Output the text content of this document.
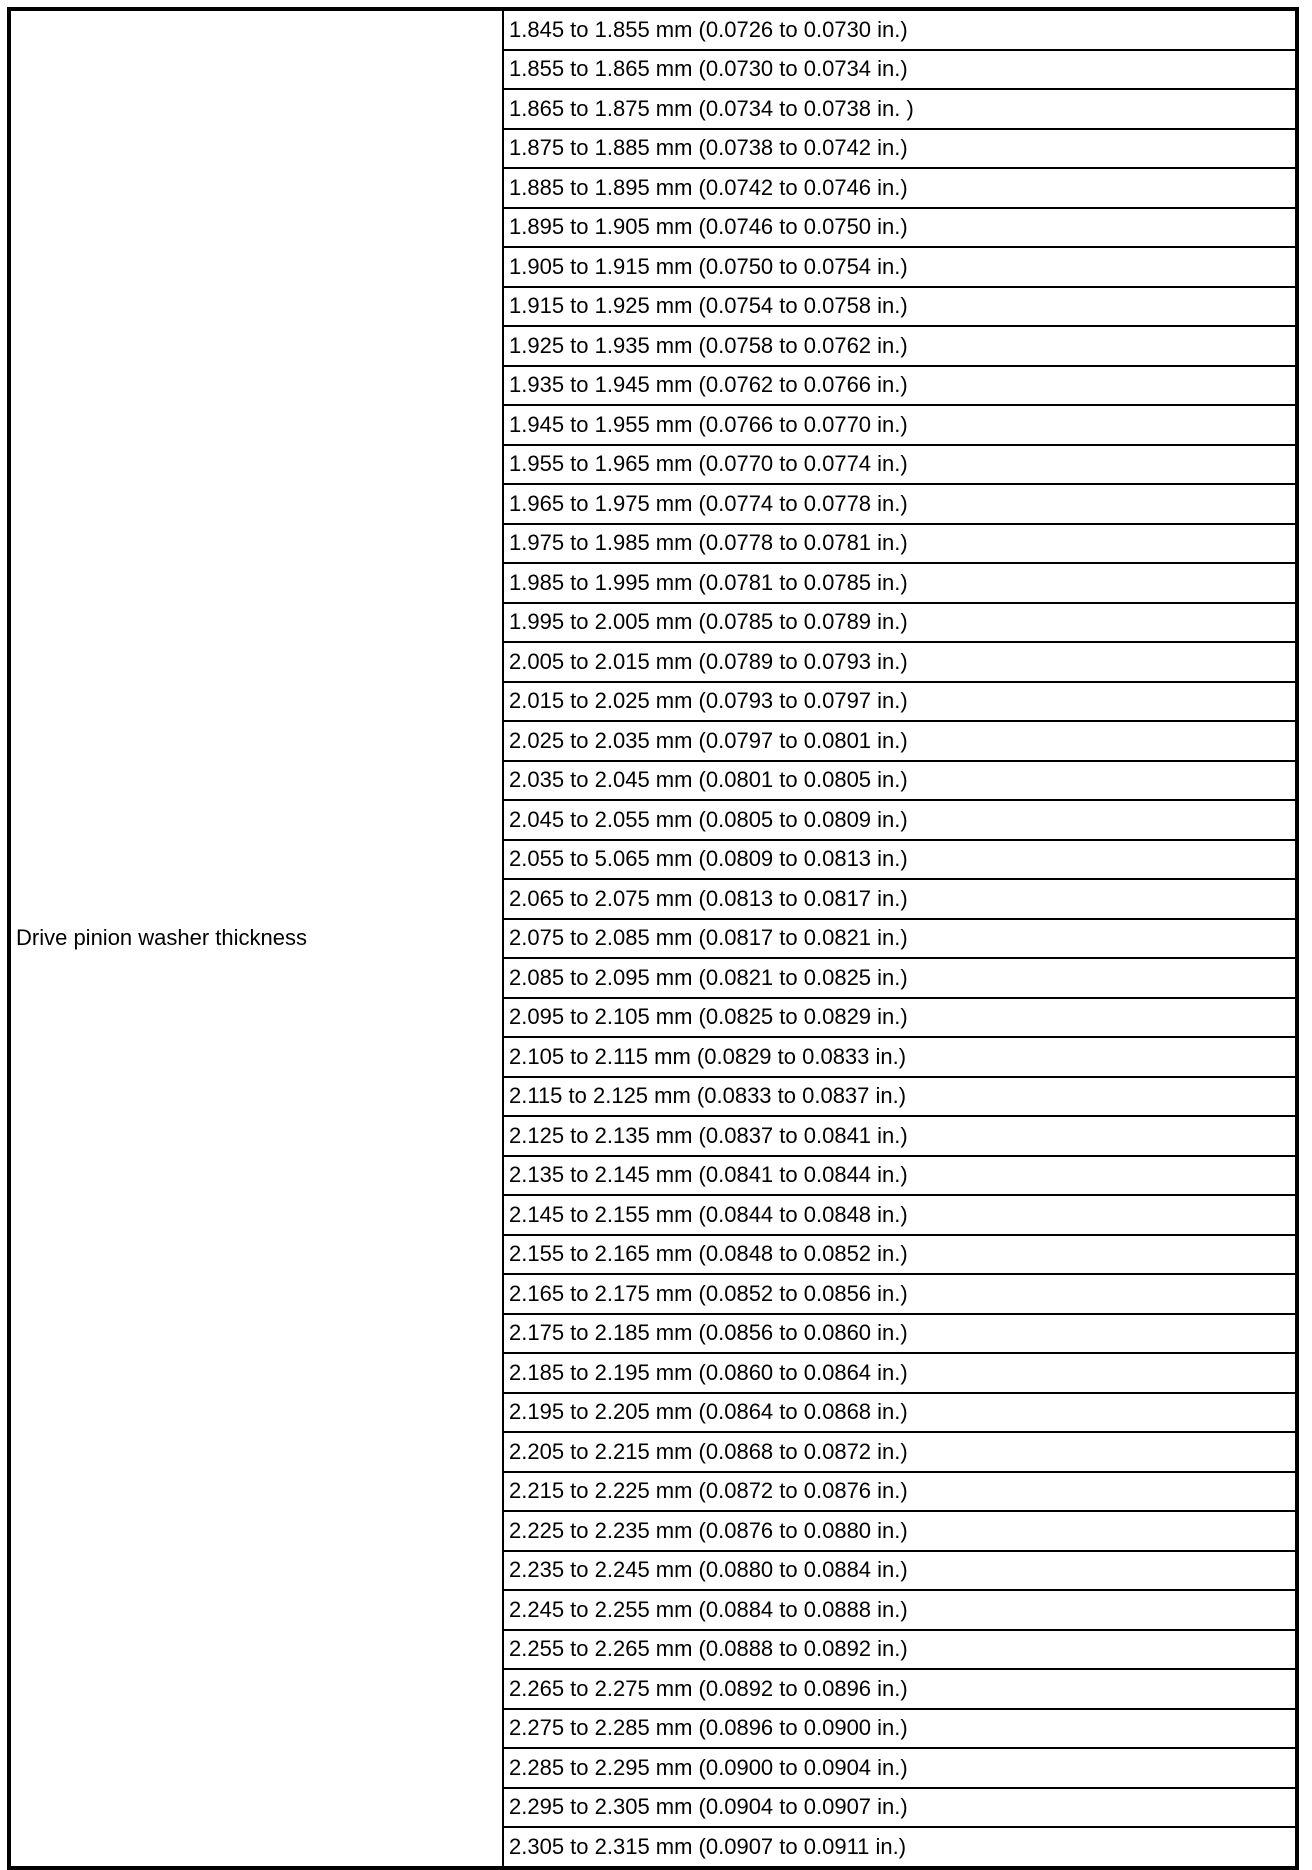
Drive pinion washer thickness	1.845 to 1.855 mm (0.0726 to 0.0730 in.)
1.855 to 1.865 mm (0.0730 to 0.0734 in.)
1.865 to 1.875 mm (0.0734 to 0.0738 in. )
1.875 to 1.885 mm (0.0738 to 0.0742 in.)
1.885 to 1.895 mm (0.0742 to 0.0746 in.)
1.895 to 1.905 mm (0.0746 to 0.0750 in.)
1.905 to 1.915 mm (0.0750 to 0.0754 in.)
1.915 to 1.925 mm (0.0754 to 0.0758 in.)
1.925 to 1.935 mm (0.0758 to 0.0762 in.)
1.935 to 1.945 mm (0.0762 to 0.0766 in.)
1.945 to 1.955 mm (0.0766 to 0.0770 in.)
1.955 to 1.965 mm (0.0770 to 0.0774 in.)
1.965 to 1.975 mm (0.0774 to 0.0778 in.)
1.975 to 1.985 mm (0.0778 to 0.0781 in.)
1.985 to 1.995 mm (0.0781 to 0.0785 in.)
1.995 to 2.005 mm (0.0785 to 0.0789 in.)
2.005 to 2.015 mm (0.0789 to 0.0793 in.)
2.015 to 2.025 mm (0.0793 to 0.0797 in.)
2.025 to 2.035 mm (0.0797 to 0.0801 in.)
2.035 to 2.045 mm (0.0801 to 0.0805 in.)
2.045 to 2.055 mm (0.0805 to 0.0809 in.)
2.055 to 5.065 mm (0.0809 to 0.0813 in.)
2.065 to 2.075 mm (0.0813 to 0.0817 in.)
2.075 to 2.085 mm (0.0817 to 0.0821 in.)
2.085 to 2.095 mm (0.0821 to 0.0825 in.)
2.095 to 2.105 mm (0.0825 to 0.0829 in.)
2.105 to 2.115 mm (0.0829 to 0.0833 in.)
2.115 to 2.125 mm (0.0833 to 0.0837 in.)
2.125 to 2.135 mm (0.0837 to 0.0841 in.)
2.135 to 2.145 mm (0.0841 to 0.0844 in.)
2.145 to 2.155 mm (0.0844 to 0.0848 in.)
2.155 to 2.165 mm (0.0848 to 0.0852 in.)
2.165 to 2.175 mm (0.0852 to 0.0856 in.)
2.175 to 2.185 mm (0.0856 to 0.0860 in.)
2.185 to 2.195 mm (0.0860 to 0.0864 in.)
2.195 to 2.205 mm (0.0864 to 0.0868 in.)
2.205 to 2.215 mm (0.0868 to 0.0872 in.)
2.215 to 2.225 mm (0.0872 to 0.0876 in.)
2.225 to 2.235 mm (0.0876 to 0.0880 in.)
2.235 to 2.245 mm (0.0880 to 0.0884 in.)
2.245 to 2.255 mm (0.0884 to 0.0888 in.)
2.255 to 2.265 mm (0.0888 to 0.0892 in.)
2.265 to 2.275 mm (0.0892 to 0.0896 in.)
2.275 to 2.285 mm (0.0896 to 0.0900 in.)
2.285 to 2.295 mm (0.0900 to 0.0904 in.)
2.295 to 2.305 mm (0.0904 to 0.0907 in.)
2.305 to 2.315 mm (0.0907 to 0.0911 in.)
